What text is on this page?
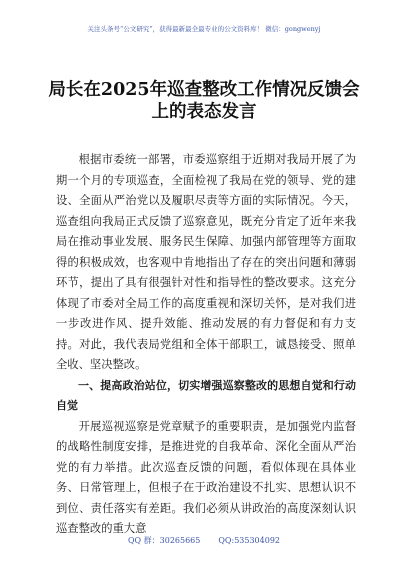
关注头条号“公文研究”，获得最新最全最专业的公文资料库！ 微信：gongwenyj
局长在2025年巡查整改工作情况反馈会
上的表态发言

根据市委统一部署，市委巡察组于近期对我局开展了为期一个月的专项巡查，全面检视了我局在党的领导、党的建设、全面从严治党以及履职尽责等方面的实际情况。今天，巡查组向我局正式反馈了巡察意见，既充分肯定了近年来我局在推动事业发展、服务民生保障、加强内部管理等方面取得的积极成效，也客观中肯地指出了存在的突出问题和薄弱环节，提出了具有很强针对性和指导性的整改要求。这充分体现了市委对全局工作的高度重视和深切关怀，是对我们进一步改进作风、提升效能、推动发展的有力督促和有力支持。对此，我代表局党组和全体干部职工，诚恳接受、照单全收、坚决整改。

一、提高政治站位，切实增强巡察整改的思想自觉和行动自觉

开展巡视巡察是党章赋予的重要职责，是加强党内监督的战略性制度安排，是推进党的自我革命、深化全面从严治党的有力举措。此次巡查反馈的问题，看似体现在具体业务、日常管理上，但根子在于政治建设不扎实、思想认识不到位、责任落实有差距。我们必须从讲政治的高度深刻认识巡查整改的重大意

QQ 群：30265665 QQ:535304092
